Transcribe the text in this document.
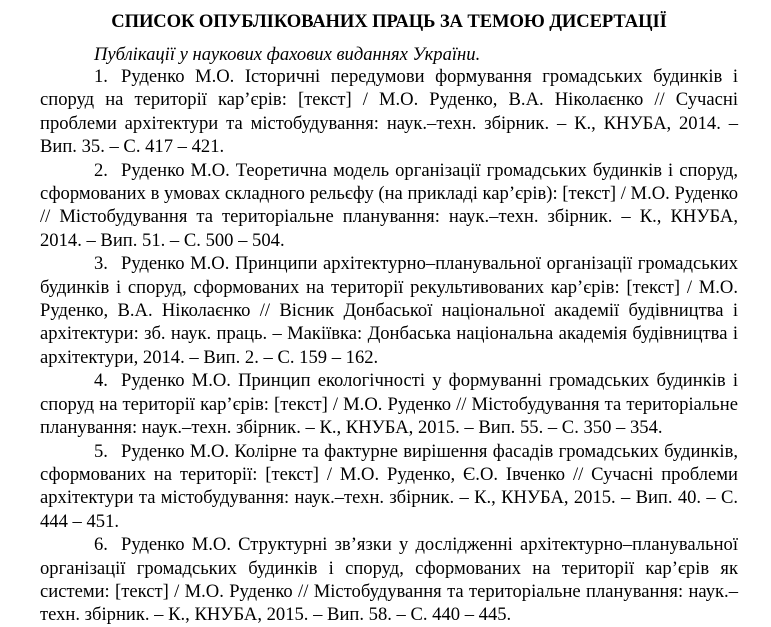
СПИСОК ОПУБЛІКОВАНИХ ПРАЦЬ ЗА ТЕМОЮ ДИСЕРТАЦІЇ
Публікації у наукових фахових виданнях України.

1. Руденко М.О. Історичні передумови формування громадських будинків і споруд на території кар’єрів: [текст] / М.О. Руденко, В.А. Ніколаєнко // Сучасні проблеми архітектури та містобудування: наук.–техн. збірник. – К., КНУБА, 2014. – Вип. 35. – С. 417 – 421.

2. Руденко М.О. Теоретична модель організації громадських будинків і споруд, сформованих в умовах складного рельєфу (на прикладі кар’єрів): [текст] / М.О. Руденко // Містобудування та територіальне планування: наук.–техн. збірник. – К., КНУБА, 2014. – Вип. 51. – С. 500 – 504.

3. Руденко М.О. Принципи архітектурно–планувальної організації громадських будинків і споруд, сформованих на території рекультивованих кар’єрів: [текст] / М.О. Руденко, В.А. Ніколаєнко // Вісник Донбаської національної академії будівництва і архітектури: зб. наук. праць. – Макіївка: Донбаська національна академія будівництва і архітектури, 2014. – Вип. 2. – С. 159 – 162.

4. Руденко М.О. Принцип екологічності у формуванні громадських будинків і споруд на території кар’єрів: [текст] / М.О. Руденко // Містобудування та територіальне планування: наук.–техн. збірник. – К., КНУБА, 2015. – Вип. 55. – С. 350 – 354.

5. Руденко М.О. Колірне та фактурне вирішення фасадів громадських будинків, сформованих на території: [текст] / М.О. Руденко, Є.О. Івченко // Сучасні проблеми архітектури та містобудування: наук.–техн. збірник. – К., КНУБА, 2015. – Вип. 40. – С. 444 – 451.

6. Руденко М.О. Структурні зв’язки у дослідженні архітектурно–планувальної організації громадських будинків і споруд, сформованих на території кар’єрів як системи: [текст] / М.О. Руденко // Містобудування та територіальне планування: наук.–техн. збірник. – К., КНУБА, 2015. – Вип. 58. – С. 440 – 445.
